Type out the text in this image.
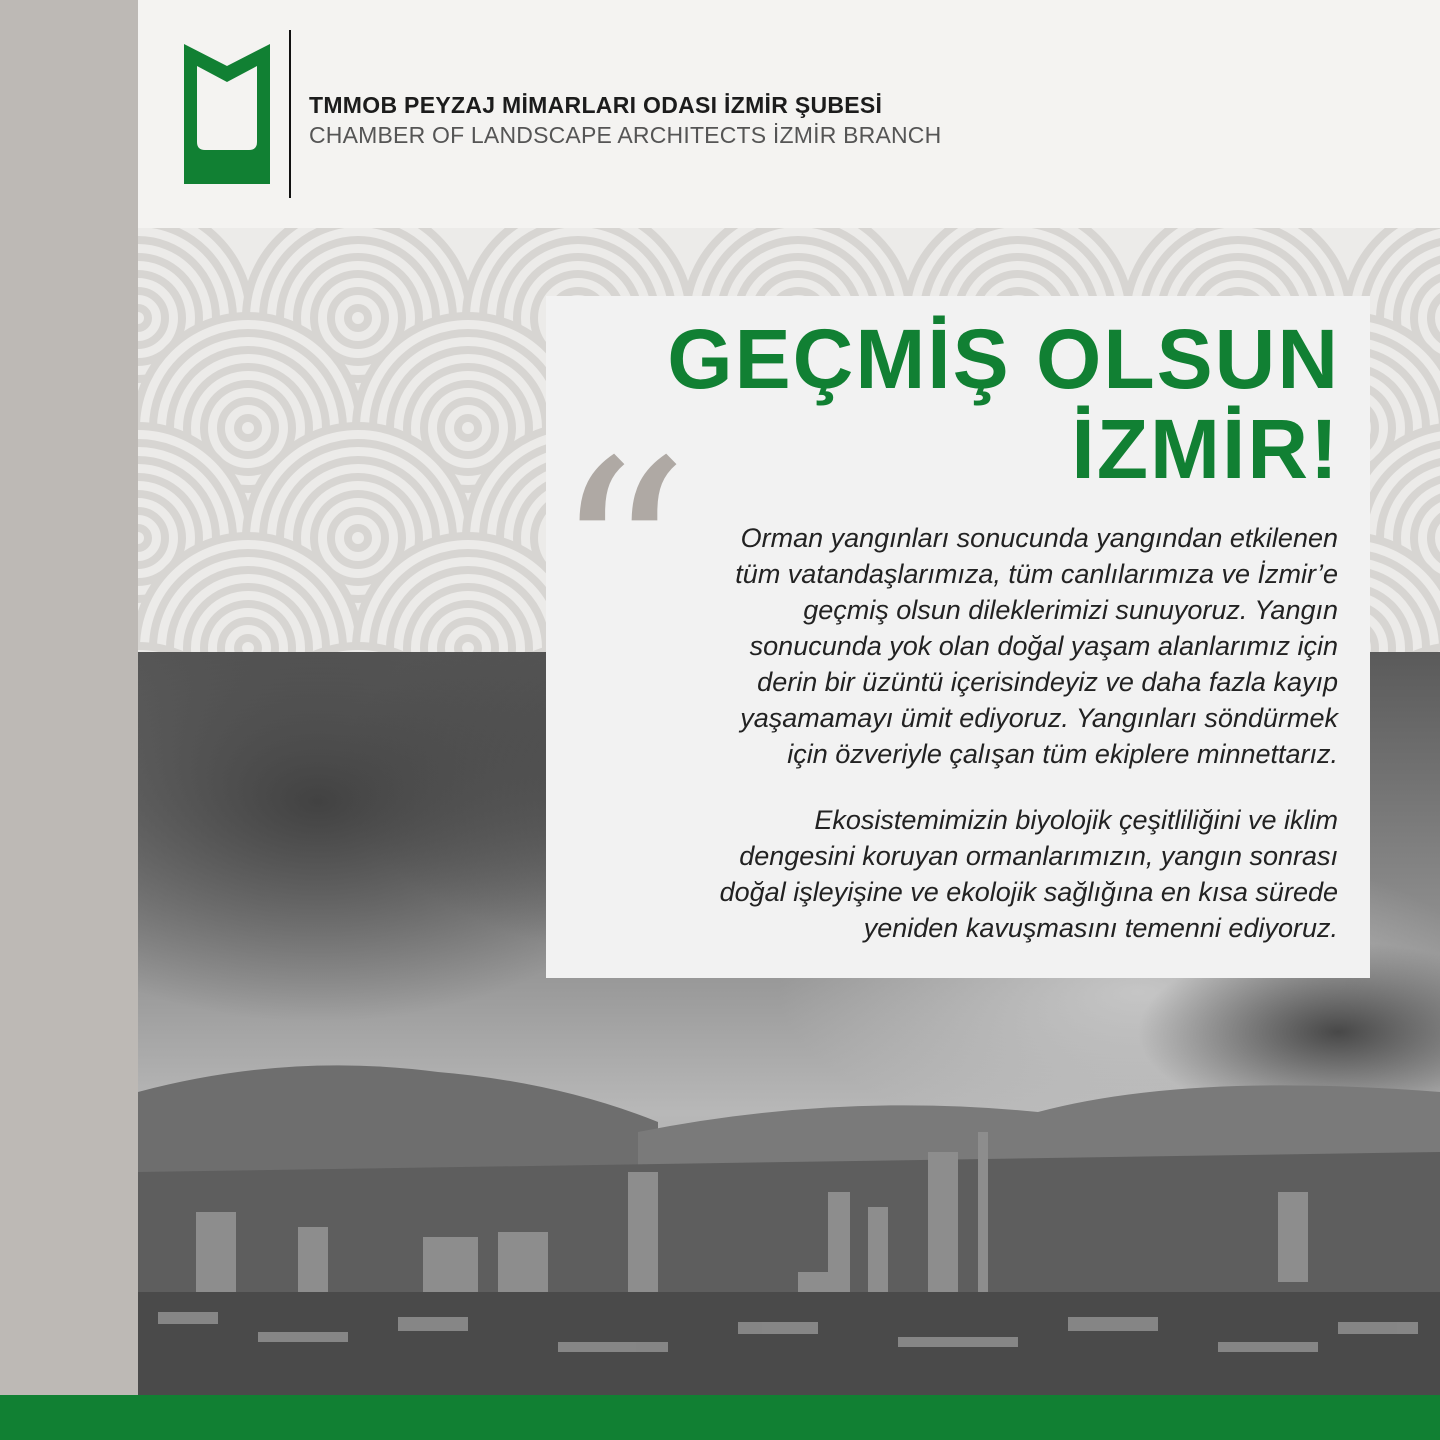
TMMOB PEYZAJ MİMARLARI ODASI İZMİR ŞUBESİ
CHAMBER OF LANDSCAPE ARCHITECTS İZMİR BRANCH
GEÇMİŞ OLSUN
İZMİR!
“	Orman yangınları sonucunda yangından etkilenen
tüm vatandaşlarımıza, tüm canlılarımıza ve İzmir’e
geçmiş olsun dileklerimizi sunuyoruz. Yangın
sonucunda yok olan doğal yaşam alanlarımız için
derin bir üzüntü içerisindeyiz ve daha fazla kayıp
yaşamamayı ümit ediyoruz. Yangınları söndürmek
için özveriyle çalışan tüm ekiplere minnettarız.

Ekosistemimizin biyolojik çeşitliliğini ve iklim
dengesini koruyan ormanlarımızın, yangın sonrası
doğal işleyişine ve ekolojik sağlığına en kısa sürede
yeniden kavuşmasını temenni ediyoruz.
